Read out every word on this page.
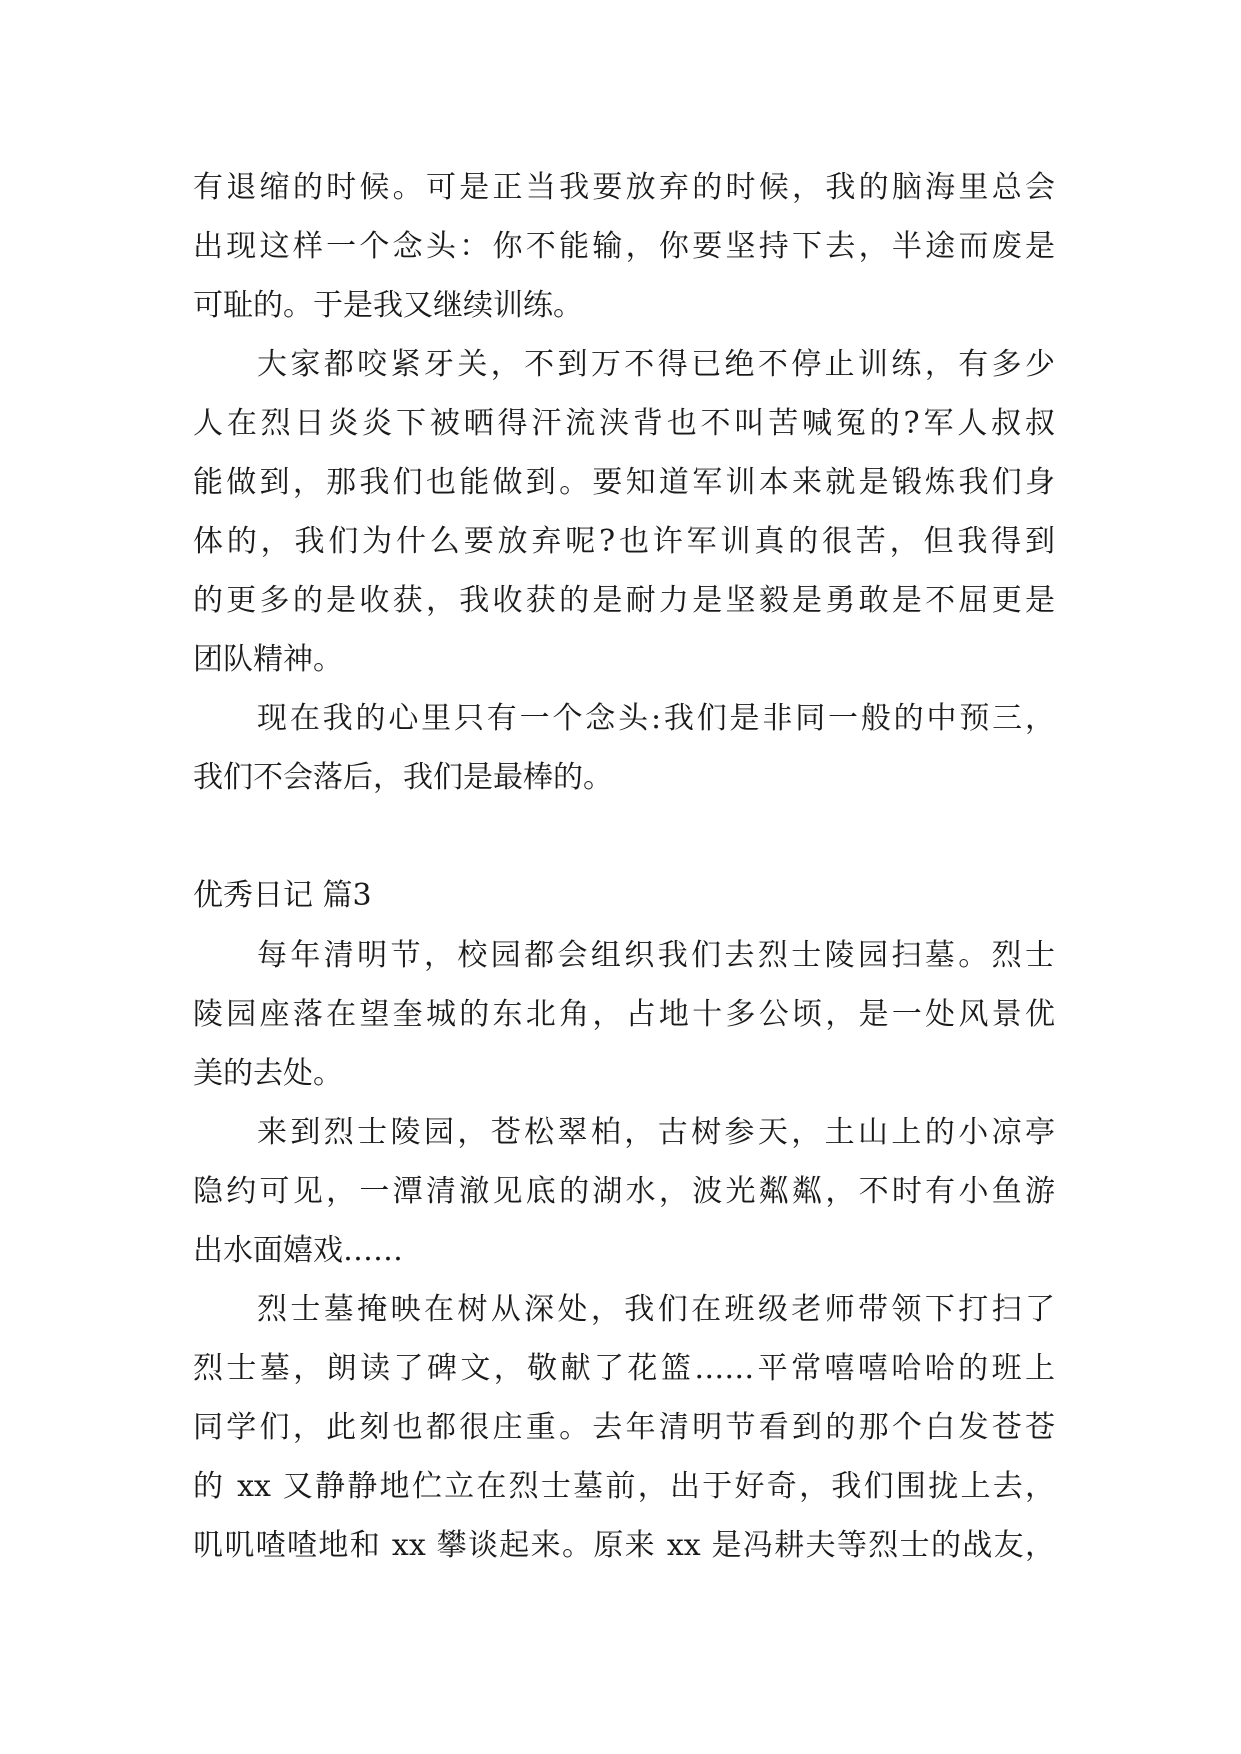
有退缩的时候。可是正当我要放弃的时候，我的脑海里总会
出现这样一个念头：你不能输，你要坚持下去，半途而废是
可耻的。于是我又继续训练。
大家都咬紧牙关，不到万不得已绝不停止训练，有多少
人在烈日炎炎下被晒得汗流浃背也不叫苦喊冤的?军人叔叔
能做到，那我们也能做到。要知道军训本来就是锻炼我们身
体的，我们为什么要放弃呢?也许军训真的很苦，但我得到
的更多的是收获，我收获的是耐力是坚毅是勇敢是不屈更是
团队精神。
现在我的心里只有一个念头:我们是非同一般的中预三，
我们不会落后，我们是最棒的。
优秀日记 篇3
每年清明节，校园都会组织我们去烈士陵园扫墓。烈士
陵园座落在望奎城的东北角，占地十多公顷，是一处风景优
美的去处。
来到烈士陵园，苍松翠柏，古树参天，土山上的小凉亭
隐约可见，一潭清澈见底的湖水，波光粼粼，不时有小鱼游
出水面嬉戏……
烈士墓掩映在树从深处，我们在班级老师带领下打扫了
烈士墓，朗读了碑文，敬献了花篮……平常嘻嘻哈哈的班上
同学们，此刻也都很庄重。去年清明节看到的那个白发苍苍
的 xx 又静静地伫立在烈士墓前，出于好奇，我们围拢上去，
叽叽喳喳地和 xx 攀谈起来。原来 xx 是冯耕夫等烈士的战友，
